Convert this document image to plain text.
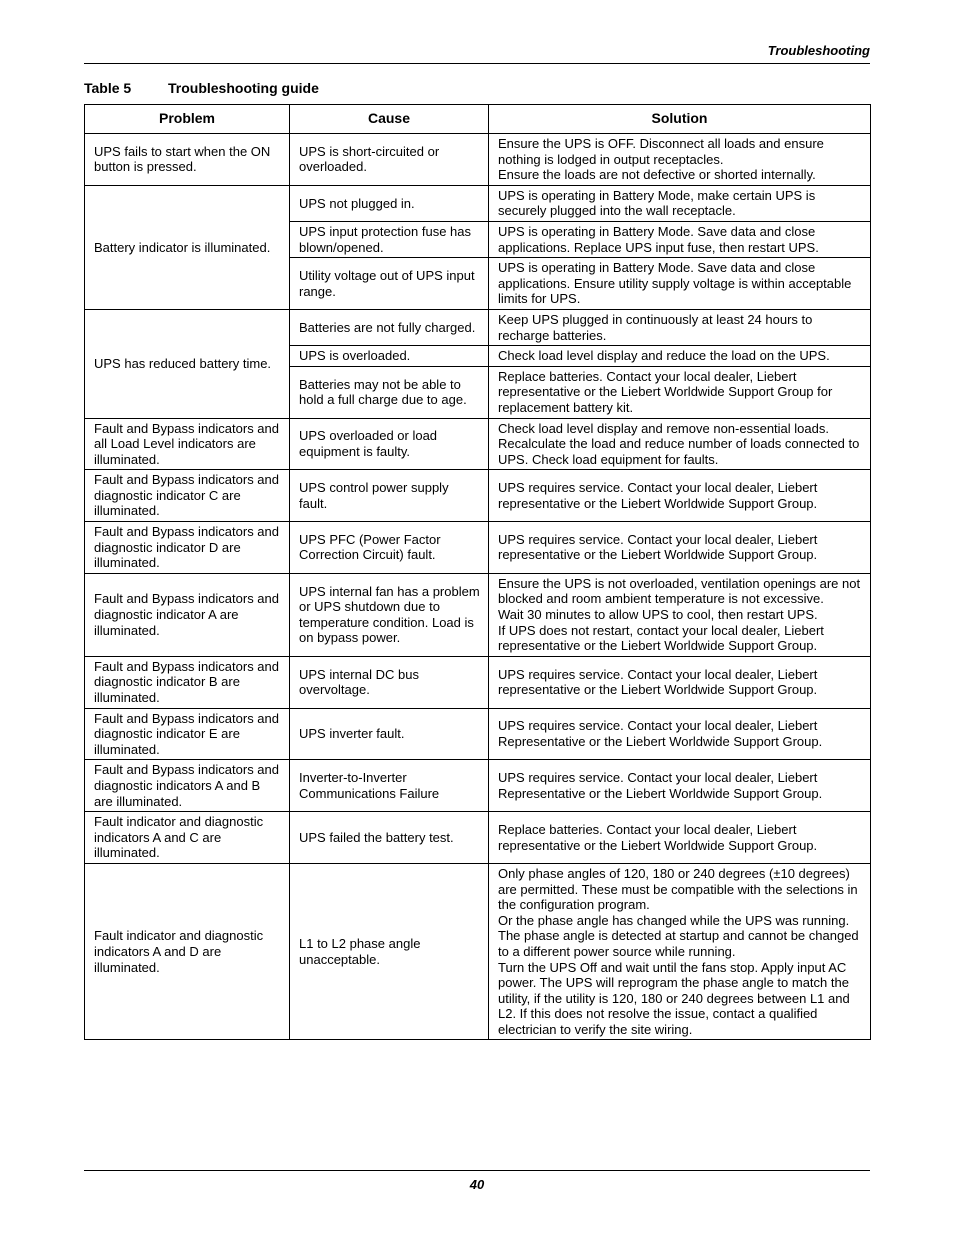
Troubleshooting
Table 5	Troubleshooting guide
Problem	Cause	Solution
UPS fails to start when the ON button is pressed.	UPS is short-circuited or overloaded.	Ensure the UPS is OFF. Disconnect all loads and ensure nothing is lodged in output receptacles.
Ensure the loads are not defective or shorted internally.

Battery indicator is illuminated.	UPS not plugged in.	UPS is operating in Battery Mode, make certain UPS is securely plugged into the wall receptacle.

	UPS input protection fuse has blown/opened.	UPS is operating in Battery Mode. Save data and close applications. Replace UPS input fuse, then restart UPS.

	Utility voltage out of UPS input range.	UPS is operating in Battery Mode. Save data and close applications. Ensure utility supply voltage is within acceptable limits for UPS.

UPS has reduced battery time.	Batteries are not fully charged.	Keep UPS plugged in continuously at least 24 hours to recharge batteries.

	UPS is overloaded.	Check load level display and reduce the load on the UPS.

	Batteries may not be able to hold a full charge due to age.	Replace batteries. Contact your local dealer, Liebert representative or the Liebert Worldwide Support Group for replacement battery kit.

Fault and Bypass indicators and all Load Level indicators are illuminated.	UPS overloaded or load equipment is faulty.	Check load level display and remove non-essential loads. Recalculate the load and reduce number of loads connected to UPS. Check load equipment for faults.

Fault and Bypass indicators and diagnostic indicator C are illuminated.	UPS control power supply fault.	UPS requires service. Contact your local dealer, Liebert representative or the Liebert Worldwide Support Group.

Fault and Bypass indicators and diagnostic indicator D are illuminated.	UPS PFC (Power Factor Correction Circuit) fault.	UPS requires service. Contact your local dealer, Liebert representative or the Liebert Worldwide Support Group.

Fault and Bypass indicators and diagnostic indicator A are illuminated.	UPS internal fan has a problem or UPS shutdown due to temperature condition. Load is on bypass power.	Ensure the UPS is not overloaded, ventilation openings are not blocked and room ambient temperature is not excessive.
Wait 30 minutes to allow UPS to cool, then restart UPS.
If UPS does not restart, contact your local dealer, Liebert representative or the Liebert Worldwide Support Group.

Fault and Bypass indicators and diagnostic indicator B are illuminated.	UPS internal DC bus overvoltage.	UPS requires service. Contact your local dealer, Liebert representative or the Liebert Worldwide Support Group.

Fault and Bypass indicators and diagnostic indicator E are illuminated.	UPS inverter fault.	UPS requires service. Contact your local dealer, Liebert Representative or the Liebert Worldwide Support Group.

Fault and Bypass indicators and diagnostic indicators A and B are illuminated.	Inverter-to-Inverter Communications Failure	UPS requires service. Contact your local dealer, Liebert Representative or the Liebert Worldwide Support Group.

Fault indicator and diagnostic indicators A and C are illuminated.	UPS failed the battery test.	Replace batteries. Contact your local dealer, Liebert representative or the Liebert Worldwide Support Group.

Fault indicator and diagnostic indicators A and D are illuminated.	L1 to L2 phase angle unacceptable.	Only phase angles of 120, 180 or 240 degrees (±10 degrees) are permitted. These must be compatible with the selections in the configuration program.
Or the phase angle has changed while the UPS was running. The phase angle is detected at startup and cannot be changed to a different power source while running.
Turn the UPS Off and wait until the fans stop. Apply input AC power. The UPS will reprogram the phase angle to match the utility, if the utility is 120, 180 or 240 degrees between L1 and L2. If this does not resolve the issue, contact a qualified electrician to verify the site wiring.
40
